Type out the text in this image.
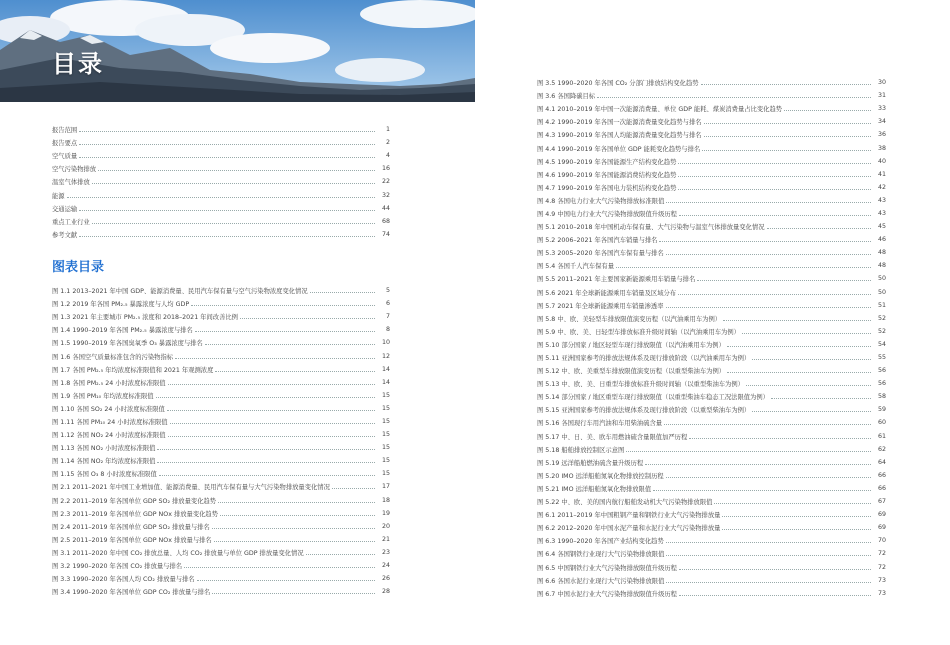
目录
报告范围	1
报告要点	2
空气质量	4
空气污染物排放	16
温室气体排放	22
能源	32
交通运输	44
重点工业行业	68
参考文献	74
图表目录
图 1.1 2013–2021 年中国 GDP、能源消费量、民用汽车保有量与空气污染物浓度变化情况	5
图 1.2 2019 年各国 PM₂.₅ 暴露浓度与人均 GDP	6
图 1.3 2021 年主要城市 PM₂.₅ 浓度和 2018–2021 年间改善比例	7
图 1.4 1990–2019 年各国 PM₂.₅ 暴露浓度与排名	8
图 1.5 1990–2019 年各国臭氧季 O₃ 暴露浓度与排名	10
图 1.6 各国空气质量标准包含的污染物指标	12
图 1.7 各国 PM₂.₅ 年均浓度标准限值和 2021 年观测浓度	14
图 1.8 各国 PM₂.₅ 24 小时浓度标准限值	14
图 1.9 各国 PM₁₀ 年均浓度标准限值	15
图 1.10 各国 SO₂ 24 小时浓度标准限值	15
图 1.11 各国 PM₁₀ 24 小时浓度标准限值	15
图 1.12 各国 NO₂ 24 小时浓度标准限值	15
图 1.13 各国 NO₂ 小时浓度标准限值	15
图 1.14 各国 NO₂ 年均浓度标准限值	15
图 1.15 各国 O₃ 8 小时浓度标准限值	15
图 2.1 2011–2021 年中国工业增加值、能源消费量、民用汽车保有量与大气污染物排放量变化情况	17
图 2.2 2011–2019 年各国单位 GDP SO₂ 排放量变化趋势	18
图 2.3 2011–2019 年各国单位 GDP NOx 排放量变化趋势	19
图 2.4 2011–2019 年各国单位 GDP SO₂ 排放量与排名	20
图 2.5 2011–2019 年各国单位 GDP NOx 排放量与排名	21
图 3.1 2011–2020 年中国 CO₂ 排放总量、人均 CO₂ 排放量与单位 GDP 排放量变化情况	23
图 3.2 1990–2020 年各国 CO₂ 排放量与排名	24
图 3.3 1990–2020 年各国人均 CO₂ 排放量与排名	26
图 3.4 1990–2020 年各国单位 GDP CO₂ 排放量与排名	28
图 3.5 1990–2020 年各国 CO₂ 分部门排放结构变化趋势	30
图 3.6 各国降碳目标	31
图 4.1 2010–2019 年中国一次能源消费量、单位 GDP 能耗、煤炭消费量占比变化趋势	33
图 4.2 1990–2019 年各国一次能源消费量变化趋势与排名	34
图 4.3 1990–2019 年各国人均能源消费量变化趋势与排名	36
图 4.4 1990–2019 年各国单位 GDP 能耗变化趋势与排名	38
图 4.5 1990–2019 年各国能源生产结构变化趋势	40
图 4.6 1990–2019 年各国能源消费结构变化趋势	41
图 4.7 1990–2019 年各国电力装机结构变化趋势	42
图 4.8 各国电力行业大气污染物排放标准限值	43
图 4.9 中国电力行业大气污染物排放限值升级历程	43
图 5.1 2010–2018 年中国机动车保有量、大气污染物与温室气体排放量变化情况	45
图 5.2 2006–2021 年各国汽车销量与排名	46
图 5.3 2005–2020 年各国汽车保有量与排名	48
图 5.4 各国千人汽车保有量	48
图 5.5 2011–2021 年主要国家新能源乘用车销量与排名	50
图 5.6 2021 年全球新能源乘用车销量及区域分布	50
图 5.7 2021 年全球新能源乘用车销量渗透率	51
图 5.8 中、欧、美轻型车排放限值演变历程（以汽油乘用车为例）	52
图 5.9 中、欧、美、日轻型车排放标准升级时间轴（以汽油乘用车为例）	52
图 5.10 部分国家 / 地区轻型车现行排放限值（以汽油乘用车为例）	54
图 5.11 亚洲国家参考的排放法规体系及现行排放阶段（以汽油乘用车为例）	55
图 5.12 中、欧、美重型车排放限值演变历程（以重型柴油车为例）	56
图 5.13 中、欧、美、日重型车排放标准升级时间轴（以重型柴油车为例）	56
图 5.14 部分国家 / 地区重型车现行排放限值（以重型柴油车稳态工况法限值为例）	58
图 5.15 亚洲国家参考的排放法规体系及现行排放阶段（以重型柴油车为例）	59
图 5.16 各国现行车用汽油和车用柴油硫含量	60
图 5.17 中、日、美、欧车用燃油硫含量限值加严历程	61
图 5.18 船舶排放控制区示意图	62
图 5.19 远洋船舶燃油硫含量升级历程	64
图 5.20 IMO 远洋船舶氮氧化物排放控制历程	66
图 5.21 IMO 远洋船舶氮氧化物排放限值	66
图 5.22 中、欧、美的国内航行船舶发动机大气污染物排放限值	67
图 6.1 2011–2019 年中国粗钢产量和钢铁行业大气污染物排放量	69
图 6.2 2012–2020 年中国水泥产量和水泥行业大气污染物排放量	69
图 6.3 1990–2020 年各国产业结构变化趋势	70
图 6.4 各国钢铁行业现行大气污染物排放限值	72
图 6.5 中国钢铁行业大气污染物排放限值升级历程	72
图 6.6 各国水泥行业现行大气污染物排放限值	73
图 6.7 中国水泥行业大气污染物排放限值升级历程	73
